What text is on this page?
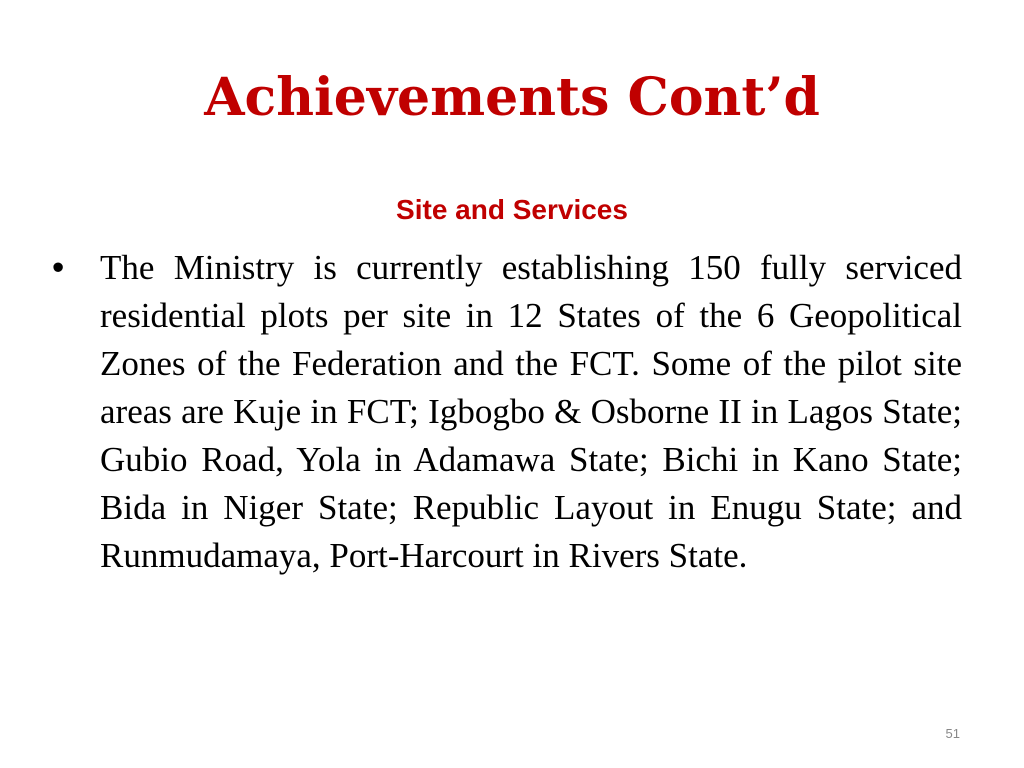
Achievements Cont’d
Site and Services
• The Ministry is currently establishing 150 fully serviced residential plots per site in 12 States of the 6 Geopolitical Zones of the Federation and the FCT. Some of the pilot site areas are Kuje in FCT; Igbogbo & Osborne II in Lagos State; Gubio Road, Yola in Adamawa State; Bichi in Kano State; Bida in Niger State; Republic Layout in Enugu State; and Runmudamaya, Port-Harcourt in Rivers State.
51
